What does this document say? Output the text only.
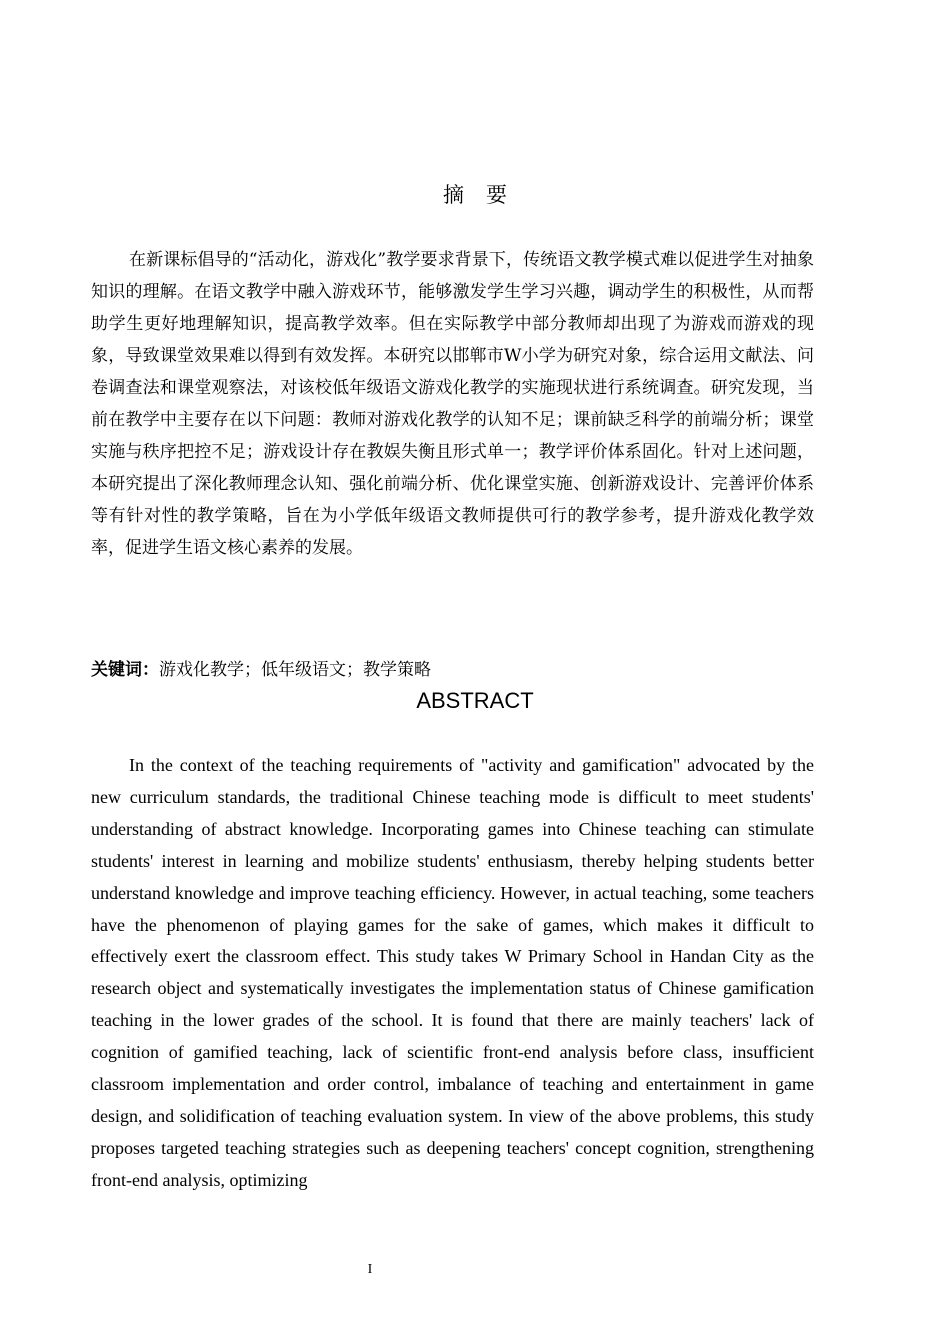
摘要

在新课标倡导的“活动化，游戏化”教学要求背景下，传统语文教学模式难以促进学生对抽象知识的理解。在语文教学中融入游戏环节，能够激发学生学习兴趣，调动学生的积极性，从而帮助学生更好地理解知识，提高教学效率。但在实际教学中部分教师却出现了为游戏而游戏的现象，导致课堂效果难以得到有效发挥。本研究以邯郸市W小学为研究对象，综合运用文献法、问卷调查法和课堂观察法，对该校低年级语文游戏化教学的实施现状进行系统调查。研究发现，当前在教学中主要存在以下问题：教师对游戏化教学的认知不足；课前缺乏科学的前端分析；课堂实施与秩序把控不足；游戏设计存在教娱失衡且形式单一；教学评价体系固化。针对上述问题，本研究提出了深化教师理念认知、强化前端分析、优化课堂实施、创新游戏设计、完善评价体系等有针对性的教学策略，旨在为小学低年级语文教师提供可行的教学参考，提升游戏化教学效率，促进学生语文核心素养的发展。

关键词：游戏化教学；低年级语文；教学策略
ABSTRACT

In the context of the teaching requirements of "activity and gamification" advocated by the new curriculum standards, the traditional Chinese teaching mode is difficult to meet students' understanding of abstract knowledge. Incorporating games into Chinese teaching can stimulate students' interest in learning and mobilize students' enthusiasm, thereby helping students better understand knowledge and improve teaching efficiency. However, in actual teaching, some teachers have the phenomenon of playing games for the sake of games, which makes it difficult to effectively exert the classroom effect. This study takes W Primary School in Handan City as the research object and systematically investigates the implementation status of Chinese gamification teaching in the lower grades of the school. It is found that there are mainly teachers' lack of cognition of gamified teaching, lack of scientific front-end analysis before class, insufficient classroom implementation and order control, imbalance of teaching and entertainment in game design, and solidification of teaching evaluation system. In view of the above problems, this study proposes targeted teaching strategies such as deepening teachers' concept cognition, strengthening front-end analysis, optimizing

I
